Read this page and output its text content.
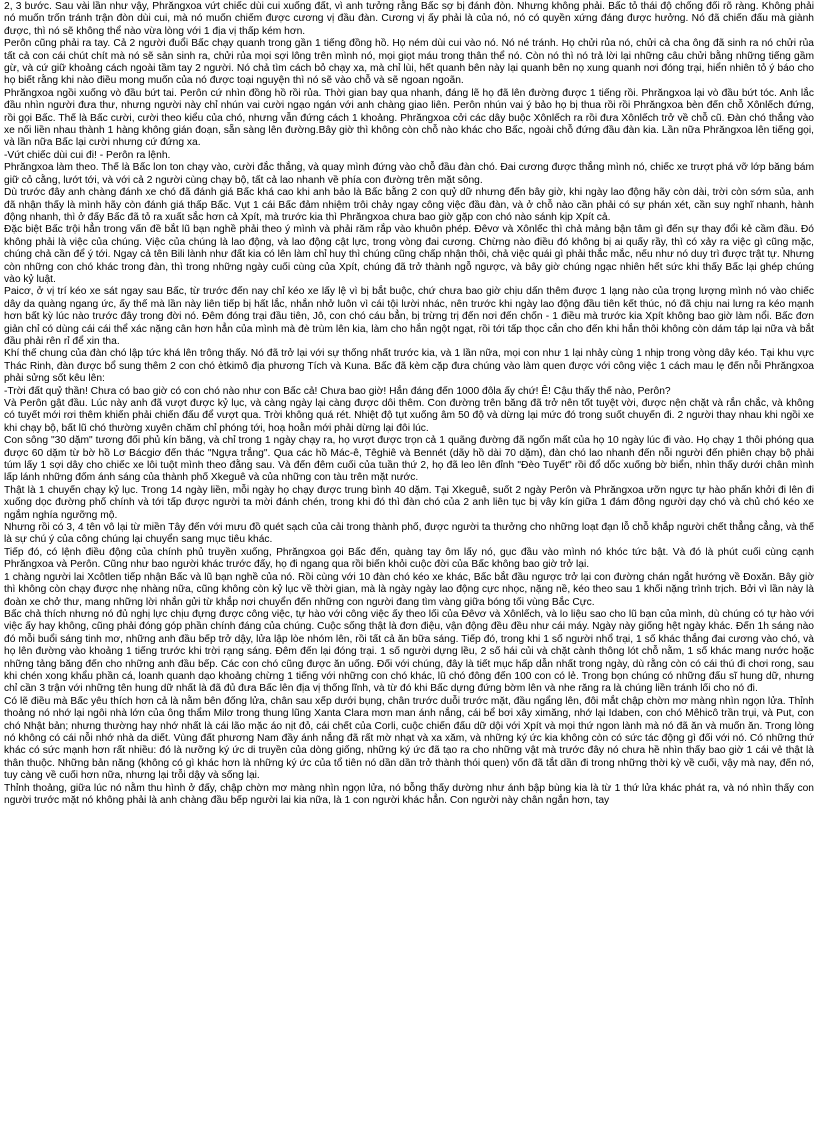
2, 3 bước. Sau vài lần như vậy, Phrăngxoa vứt chiếc dùi cui xuống đất, vì anh tưởng rằng Bấc sợ bị đánh đòn. Nhưng không phải. Bấc tỏ thái độ chống đối rõ ràng. Không phải nó muốn trốn tránh trận đòn dùi cui, mà nó muốn chiếm được cương vị đầu đàn. Cương vị ấy phải là của nó, nó có quyền xứng đáng được hưởng. Nó đã chiến đấu mà giành được, thì nó sẽ không thể nào vừa lòng với 1 địa vị thấp kém hơn.

Perôn cũng phải ra tay. Cả 2 người đuổi Bấc chạy quanh trong gần 1 tiếng đồng hồ. Họ ném dùi cui vào nó. Nó né tránh. Họ chửi rủa nó, chửi cả cha ông đã sinh ra nó chửi rủa tất cả con cái chút chít mà nó sẽ sản sinh ra, chửi rủa mọi sợi lông trên mình nó, mọi giọt máu trong thân thể nó. Còn nó thì nó trả lời lại những câu chửi bằng những tiếng gầm gừ, và cứ giữ khoảng cách ngoài tầm tay 2 người. Nó chả tìm cách bỏ chạy xa, mà chỉ lùi, hết quanh bên này lại quanh bên nọ xung quanh nơi đóng trại, hiển nhiên tỏ ý báo cho họ biết rằng khi nào điều mong muốn của nó được toại nguyện thì nó sẽ vào chỗ và sẽ ngoan ngoãn.

Phrăngxoa ngồi xuống vò đầu bứt tai. Perôn cứ nhìn đồng hồ rồi rủa. Thời gian bay qua nhanh, đáng lẽ họ đã lên đường được 1 tiếng rồi. Phrăngxoa lại vò đầu bứt tóc. Anh lắc đầu nhìn người đưa thư, nhưng người này chỉ nhún vai cười ngạo ngán với anh chàng giao liên. Perôn nhún vai ý bảo họ bị thua rồi rồi Phrăngxoa bèn đến chỗ Xônlếch đứng, rồi gọi Bấc. Thế là Bấc cười, cười theo kiểu của chó, nhưng vẫn đứng cách 1 khoảng. Phrăngxoa cởi các dây buộc Xônlếch ra rồi đưa Xônlếch trở về chỗ cũ. Đàn chó thắng vào xe nối liền nhau thành 1 hàng không gián đoạn, sẵn sàng lên đường.Bây giờ thì không còn chỗ nào khác cho Bấc, ngoài chỗ đứng đầu đàn kia. Lần nữa Phrăngxoa lên tiếng gọi, và lần nữa Bấc lại cười nhưng cứ đứng xa.

-Vứt chiếc dùi cui đi! - Perôn ra lệnh.

Phrăngxoa làm theo. Thế là Bấc lon ton chạy vào, cười đắc thắng, và quay mình đứng vào chỗ đầu đàn chó. Đai cương được thắng mình nó, chiếc xe trượt phá vỡ lớp băng bám giữ cỏ cằng, lướt tới, và với cả 2 người cùng chạy bộ, tất cả lao nhanh về phía con đường trên mặt sông.

Dù trước đây anh chàng đánh xe chó đã đánh giá Bấc khá cao khi anh bảo là Bấc bằng 2 con quỷ dữ nhưng đến bây giờ, khi ngày lao động hãy còn dài, trời còn sớm sủa, anh đã nhận thấy là mình hãy còn đánh giá thấp Bấc. Vụt 1 cái Bấc đảm nhiệm trôi chảy ngay công việc đầu đàn, và ở chỗ nào cần phải có sự phán xét, cần suy nghĩ nhanh, hành động nhanh, thì ở đấy Bấc đã tỏ ra xuất sắc hơn cả Xpít, mà trước kia thì Phrăngxoa chưa bao giờ gặp con chó nào sánh kịp Xpít cả.

Đặc biệt Bấc trội hẳn trong vấn đề bắt lũ bạn nghề phải theo ý mình và phải răm rắp vào khuôn phép. Đêvơ và Xônlếc thì chả mảng bận tâm gì đến sự thay đổi kẻ cầm đầu. Đó không phải là việc của chúng. Việc của chúng là lao động, và lao động cật lực, trong vòng đai cương. Chừng nào điều đó không bị ai quấy rầy, thì có xảy ra việc gì cũng mặc, chúng chả cần để ý tới. Ngay cả tên Bili lành như đất kia có lên làm chỉ huy thì chúng cũng chấp nhận thôi, chả việc quái gì phải thắc mắc, nếu như nó duy trì được trật tự. Nhưng còn những con chó khác trong đàn, thì trong những ngày cuối cùng của Xpít, chúng đã trở thành ngỗ ngược, và bây giờ chúng ngạc nhiên hết sức khi thấy Bấc lại ghép chúng vào kỷ luật.

Paicơ, ở vị trí kéo xe sát ngay sau Bấc, từ trước đến nay chỉ kéo xe lấy lệ vì bị bắt buộc, chứ chưa bao giờ chịu dấn thêm được 1 lạng nào của trọng lượng mình nó vào chiếc dây da quàng ngang ức, ấy thế mà lần này liên tiếp bị hất lắc, nhắn nhở luôn vì cái tội lười nhác, nên trước khi ngày lao động đầu tiên kết thúc, nó đã chịu nai lưng ra kéo mạnh hơn bất kỳ lúc nào trước đây trong đời nó. Đêm đóng trại đầu tiên, Jô, con chó cáu bẳn, bị trừng trị đến nơi đến chốn - 1 điều mà trước kia Xpít không bao giờ làm nổi. Bấc đơn giản chỉ có dùng cái cái thể xác nặng cân hơn hẳn của mình mà đè trùm lên kia, làm cho hắn ngột ngạt, rồi tới tấp thọc cắn cho đến khi hắn thôi không còn dám táp lại nữa và bắt đầu phải rên rỉ để xin tha.

Khí thế chung của đàn chó lập tức khá lên trông thấy. Nó đã trở lại với sự thống nhất trước kia, và 1 lần nữa, mọi con như 1 lại nhảy cùng 1 nhịp trong vòng dây kéo. Tại khu vực Thác Rinh, đàn được bổ sung thêm 2 con chó ètkimô địa phương Tích và Kuna. Bấc đã kèm cặp đưa chúng vào làm quen được với công việc 1 cách mau lẹ đến nỗi Phrăngxoa phải sửng sốt kêu lên:

-Trời đất quỷ thần! Chưa có bao giờ có con chó nào như con Bấc cả! Chưa bao giờ! Hắn đáng đến 1000 đôla ấy chứ! Ê! Cậu thấy thế nào, Perôn?

Và Perôn gật đầu. Lúc này anh đã vượt được kỷ lục, và càng ngày lại càng được dôi thêm. Con đường trên băng đã trở nên tốt tuyệt vời, được nện chặt và rắn chắc, và không có tuyết mới rơi thêm khiến phải chiến đấu để vượt qua. Trời không quá rét. Nhiệt độ tụt xuống âm 50 độ và dừng lại mức đó trong suốt chuyến đi. 2 người thay nhau khi ngồi xe khi chạy bộ, bất lũ chó thường xuyên chăm chỉ phóng tới, hoạ hoằn mới phải dừng lại đôi lúc.

Con sông "30 dặm" tương đối phủ kín băng, và chỉ trong 1 ngày chạy ra, họ vượt được trọn cả 1 quãng đường đã ngốn mất của họ 10 ngày lúc đi vào. Họ chạy 1 thôi phóng qua được 60 dặm từ bờ hồ Lơ Bácgiơ đến thác "Ngựa trắng". Qua các hồ Mác-ê, Têghiê và Bennét (dãy hồ dài 70 dặm), đàn chó lao nhanh đến nỗi người đến phiên chạy bộ phải túm lấy 1 sợi dây cho chiếc xe lôi tuột mình theo đằng sau. Và đến đêm cuối của tuần thứ 2, họ đã leo lên đỉnh "Đèo Tuyết" rồi đổ dốc xuống bờ biển, nhìn thấy dưới chân mình lấp lánh những đốm ánh sáng của thành phố Xkeguê và của những con tàu trên mặt nước.

Thật là 1 chuyến chạy kỷ lục. Trong 14 ngày liền, mỗi ngày họ chạy được trung bình 40 dặm. Tại Xkeguê, suốt 2 ngày Perôn và Phrăngxoa ưỡn ngực tự hào phấn khởi đi lên đi xuống dọc đường phố chính và tới tấp được người ta mời đánh chén, trong khi đó thì đàn chó của 2 anh liên tục bị vây kín giữa 1 đám đông người dạy chó và chủ chó kéo xe ngắm nghía ngưỡng mộ.

Nhưng rồi có 3, 4 tên vô lại từ miền Tây đến với mưu đồ quét sạch của cải trong thành phố, được người ta thưởng cho những loạt đạn lỗ chỗ khắp người chết thẳng cẳng, và thế là sự chú ý của công chúng lại chuyển sang mục tiêu khác.

Tiếp đó, có lệnh điều động của chính phủ truyền xuống, Phrăngxoa gọi Bấc đến, quàng tay ôm lấy nó, gục đầu vào mình nó khóc tức bật. Và đó là phút cuối cùng cạnh Phrăngxoa và Perôn. Cũng như bao người khác trước đấy, họ đi ngang qua rồi biến khỏi cuộc đời của Bấc không bao giờ trở lại.

1 chàng người lai Xcôtlen tiếp nhận Bấc và lũ bạn nghề của nó. Rồi cùng với 10 đàn chó kéo xe khác, Bấc bắt đầu ngược trở lại con đường chán ngắt hướng về Đoxăn. Bây giờ thì không còn chạy được nhẹ nhàng nữa, cũng không còn kỷ lục về thời gian, mà là ngày ngày lao động cực nhọc, nặng nề, kéo theo sau 1 khối nặng trình trịch. Bởi vì lần này là đoàn xe chở thư, mang những lời nhắn gửi từ khắp nơi chuyển đến những con người đang tìm vàng giữa bóng tối vùng Bắc Cực.

Bấc chả thích nhưng nó đủ nghị lực chịu đựng được công việc, tự hào với công việc ấy theo lối của Đêvơ và Xônlếch, và lo liệu sao cho lũ bạn của mình, dù chúng có tự hào với việc ấy hay không, cũng phải đóng góp phần chính đáng của chúng. Cuộc sống thật là đơn điệu, vận động đều đều như cái máy. Ngày này giống hệt ngày khác. Đến 1h sáng nào đó mỗi buổi sáng tinh mơ, những anh đầu bếp trở dậy, lửa lập lòe nhóm lên, rồi tất cả ăn bữa sáng. Tiếp đó, trong khi 1 số người nhổ trại, 1 số khác thắng đai cương vào chó, và họ lên đường vào khoảng 1 tiếng trước khi trời rạng sáng. Đêm đến lại đóng trại. 1 số người dựng lều, 2 số hái củi và chặt cành thông lót chỗ nằm, 1 số khác mang nước hoặc những tảng băng đến cho những anh đầu bếp. Các con chó cũng được ăn uống. Đối với chúng, đây là tiết mục hấp dẫn nhất trong ngày, dù rằng còn có cái thú đi chơi rong, sau khi chén xong khẩu phần cá, loanh quanh dạo khoảng chừng 1 tiếng với những con chó khác, lũ chó đông đến 100 con có lẻ. Trong bọn chúng có những đấu sĩ hung dữ, nhưng chỉ cần 3 trận với những tên hung dữ nhất là đã đủ đưa Bấc lên địa vị thống lĩnh, và từ đó khi Bấc dựng đứng bờm lên và nhe răng ra là chúng liền tránh lối cho nó đi.

Có lẽ điều mà Bấc yêu thích hơn cả là nằm bên đống lửa, chân sau xếp dưới bụng, chân trước duỗi trước mặt, đầu ngẩng lên, đôi mắt chập chờn mơ màng nhìn ngọn lửa. Thỉnh thoảng nó nhớ lại ngôi nhà lớn của ông thẩm Milơ trong thung lũng Xanta Clara mơn man ánh nắng, cái bể bơi xây ximăng, nhớ lại Idaben, con chó Mêhicô trần trụi, và Put, con chó Nhật bản; nhưng thường hay nhớ nhất là cái lão mặc áo nịt đỏ, cái chết của Corli, cuộc chiến đấu dữ dội với Xpít và mọi thứ ngon lành mà nó đã ăn và muốn ăn. Trong lòng nó không có cái nỗi nhớ nhà da diết. Vùng đất phương Nam đầy ánh nắng đã rất mờ nhạt và xa xăm, và những ký ức kia không còn có sức tác động gì đối với nó. Có những thứ khác có sức mạnh hơn rất nhiều: đó là nưỡng ký ức di truyền của dòng giống, những ký ức đã tạo ra cho những vật mà trước đây nó chưa hề nhìn thấy bao giờ 1 cái vẻ thật là thân thuộc. Những bản năng (không có gì khác hơn là những ký ức của tổ tiên nó dần dần trở thành thói quen) vốn đã tắt dần đi trong những thời kỳ về cuối, vậy mà nay, đến nó, tuy càng về cuối hơn nữa, nhưng lại trỗi dậy và sống lại.

Thỉnh thoảng, giữa lúc nó nằm thu hình ở đấy, chập chờn mơ màng nhìn ngọn lửa, nó bỗng thấy dường như ánh bập bùng kia là từ 1 thứ lửa khác phát ra, và nó nhìn thấy con người trước mặt nó không phải là anh chàng đầu bếp người lai kia nữa, là 1 con người khác hẳn. Con người này chân ngắn hơn, tay
